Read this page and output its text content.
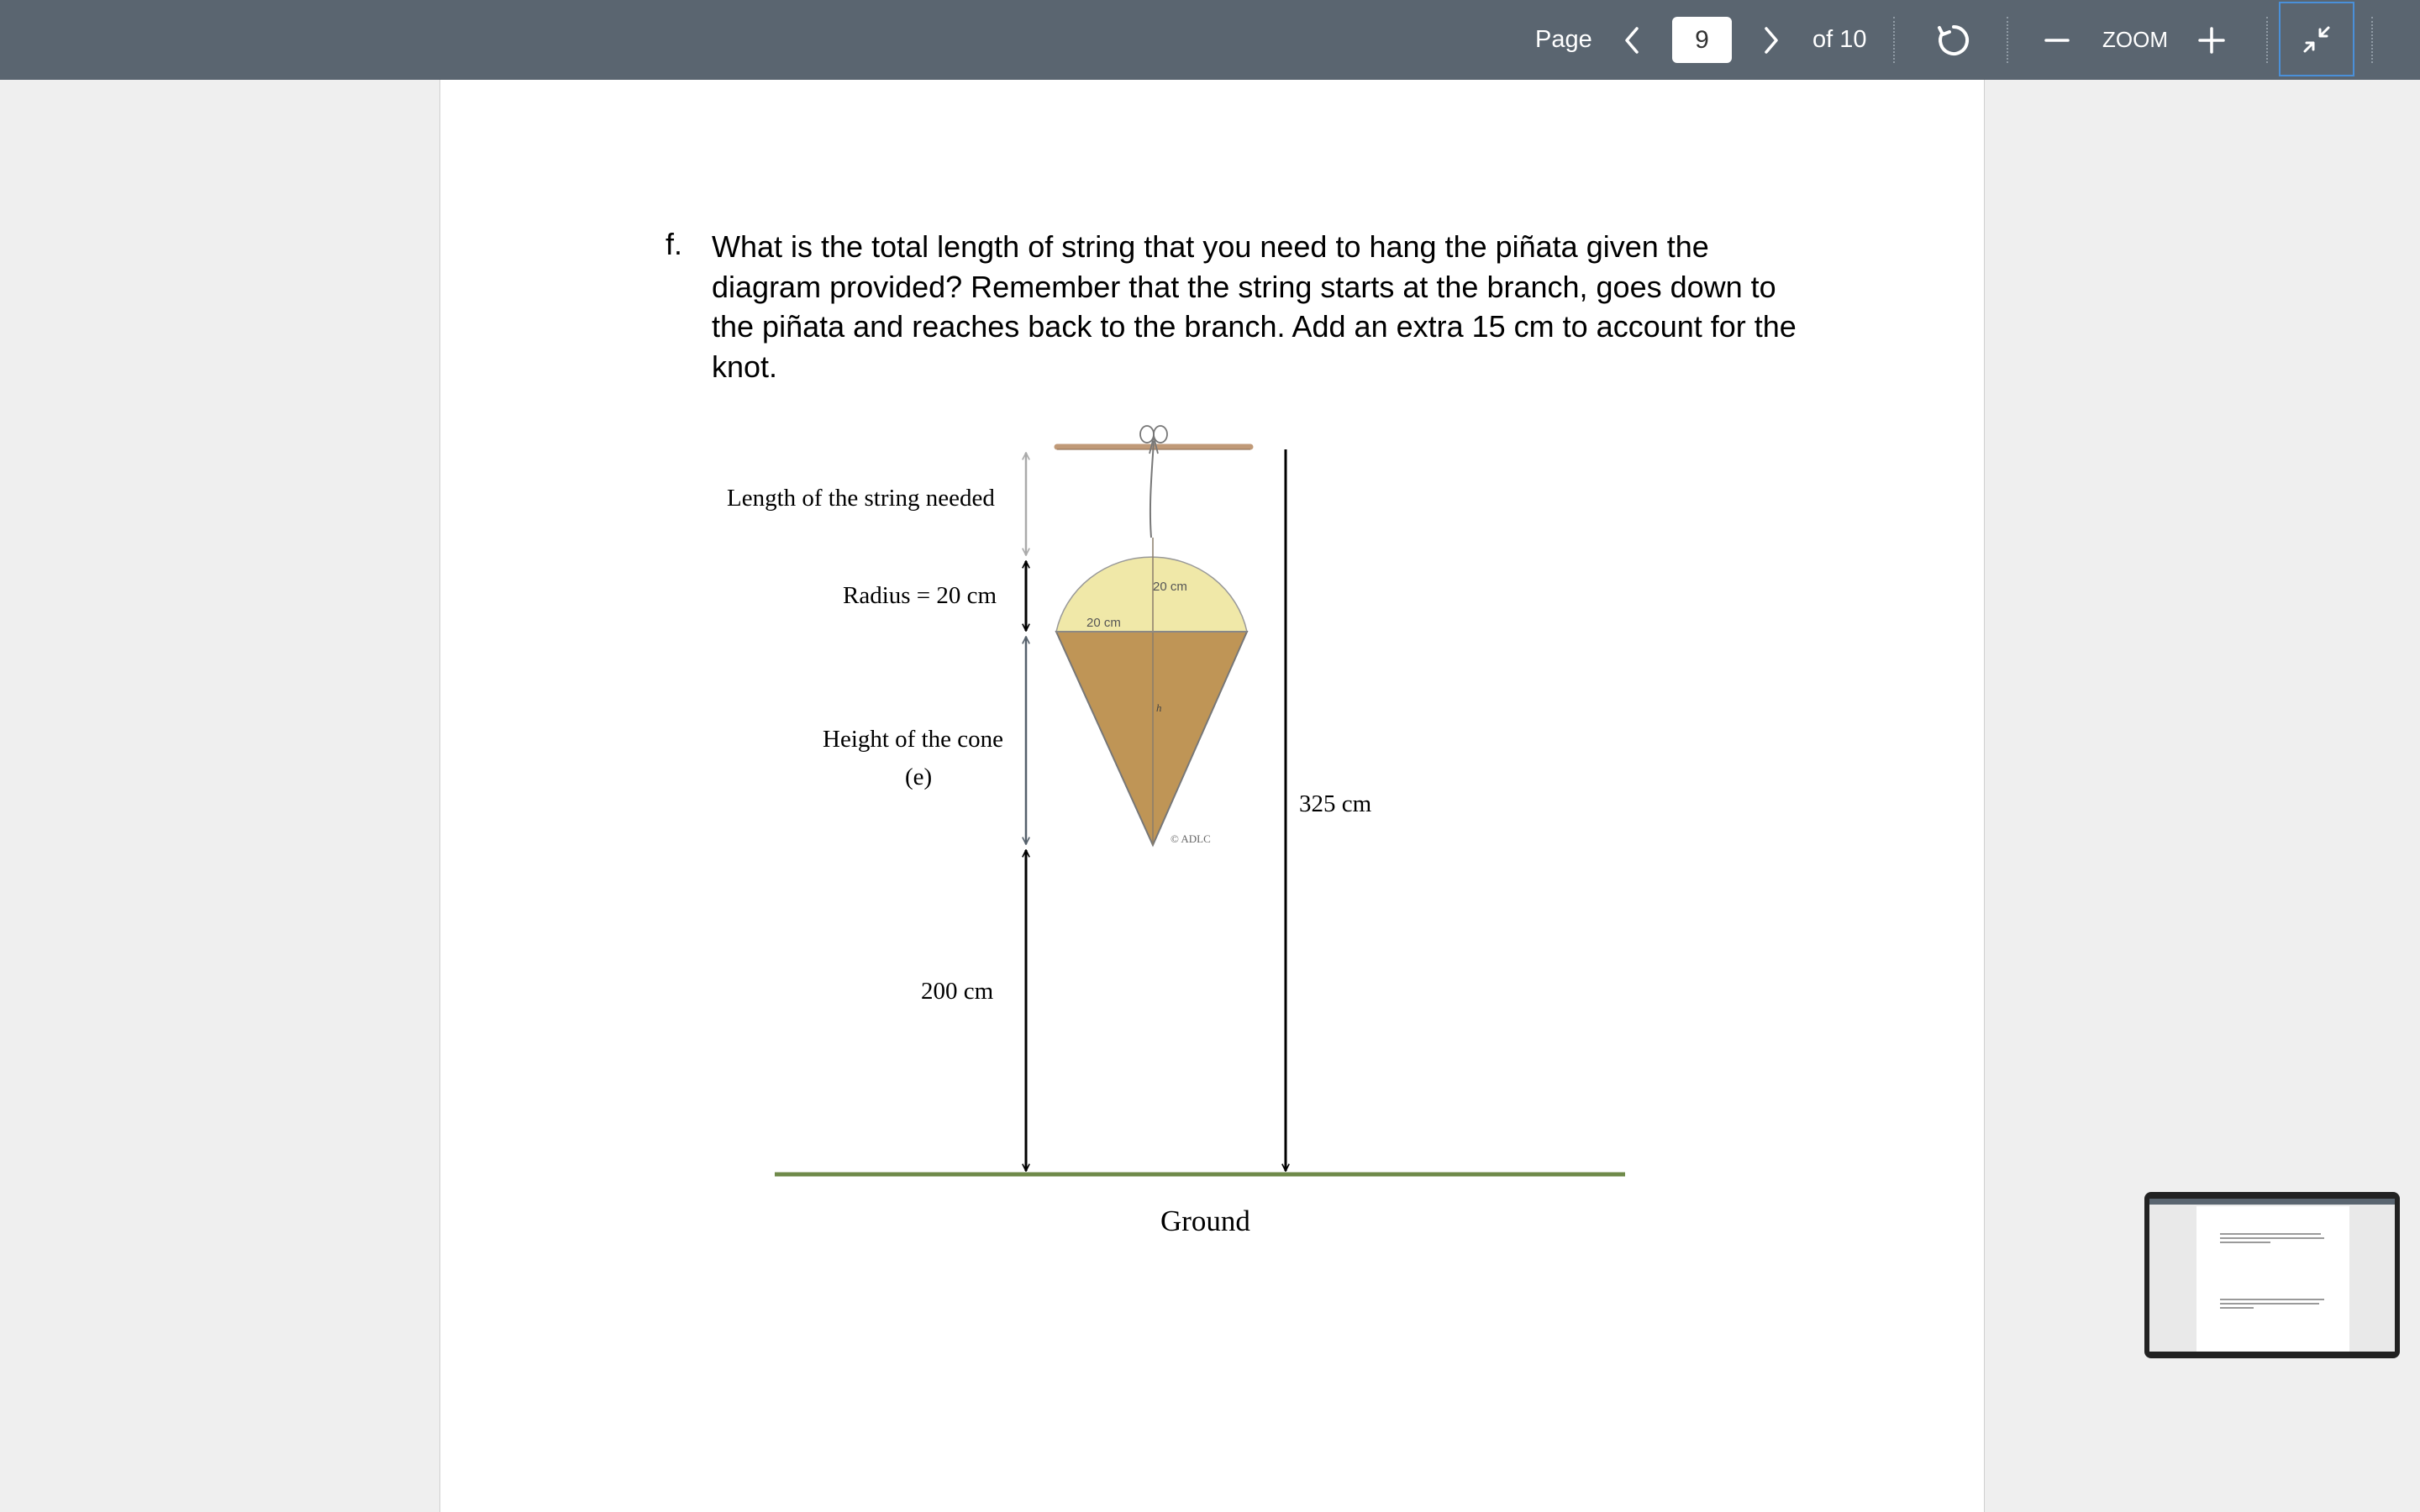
Page
9	of 10	ZOOM
f. What is the total length of string that you need to hang the piñata given the diagram provided? Remember that the string starts at the branch, goes down to the piñata and reaches back to the branch. Add an extra 15 cm to account for the knot.

20 cm
20 cm
h
© ADLC
Length of the string needed
Radius = 20 cm
Height of the cone
(e)
200 cm
325 cm
Ground
